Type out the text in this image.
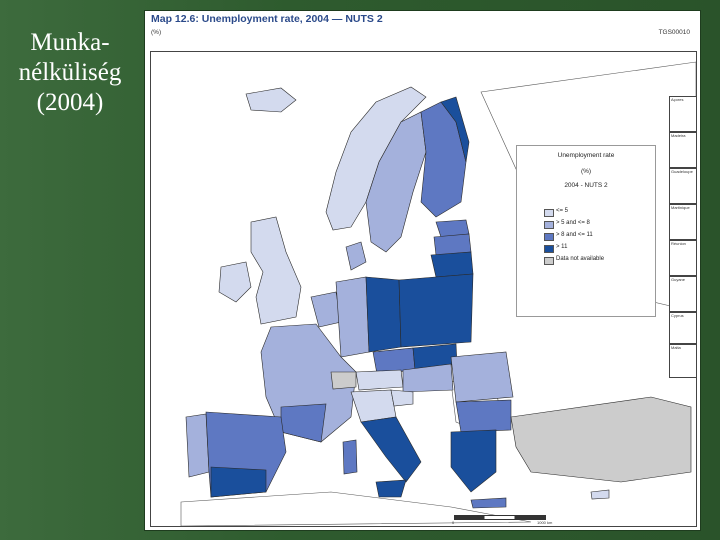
Munka-
nélküliség
(2004)
Map 12.6: Unemployment rate, 2004 — NUTS 2
(%)	TGS00010
Unemployment rate
(%)
2004 - NUTS 2
<= 5
> 5 and <= 8
> 8 and <= 11
> 11
Data not available
Açores
Madeira
Guadeloupe
Martinique
Réunion
Guyane
Cyprus
Malta
0	1000 km
